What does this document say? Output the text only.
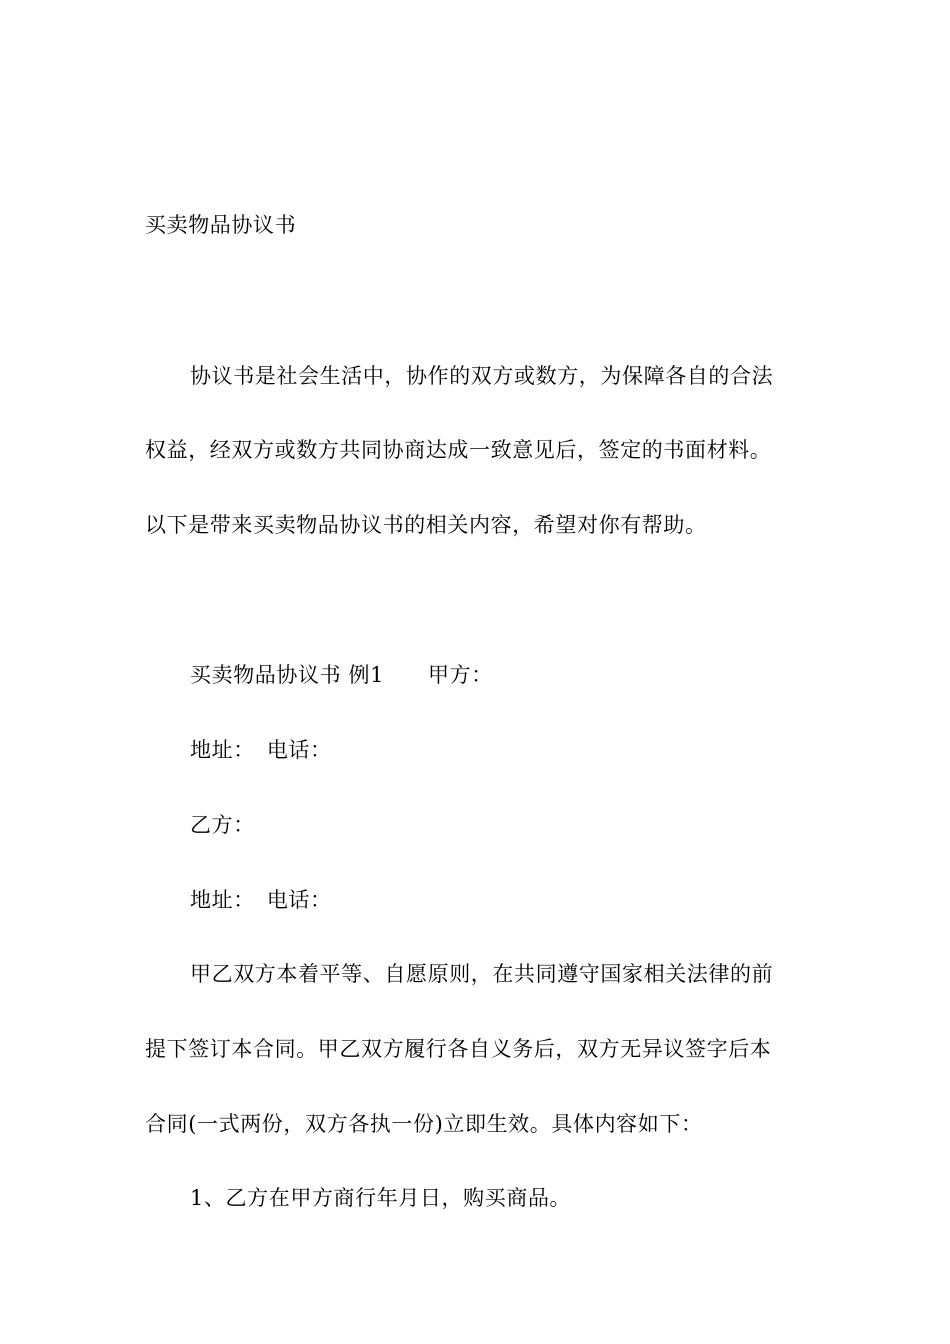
买卖物品协议书
协议书是社会生活中，协作的双方或数方，为保障各自的合法
权益，经双方或数方共同协商达成一致意见后，签定的书面材料。
以下是带来买卖物品协议书的相关内容，希望对你有帮助。
买卖物品协议书 例1 甲方：
地址： 电话：
乙方：
地址： 电话：
甲乙双方本着平等、自愿原则，在共同遵守国家相关法律的前
提下签订本合同。甲乙双方履行各自义务后，双方无异议签字后本
合同(一式两份，双方各执一份)立即生效。具体内容如下：
1、乙方在甲方商行年月日，购买商品。
